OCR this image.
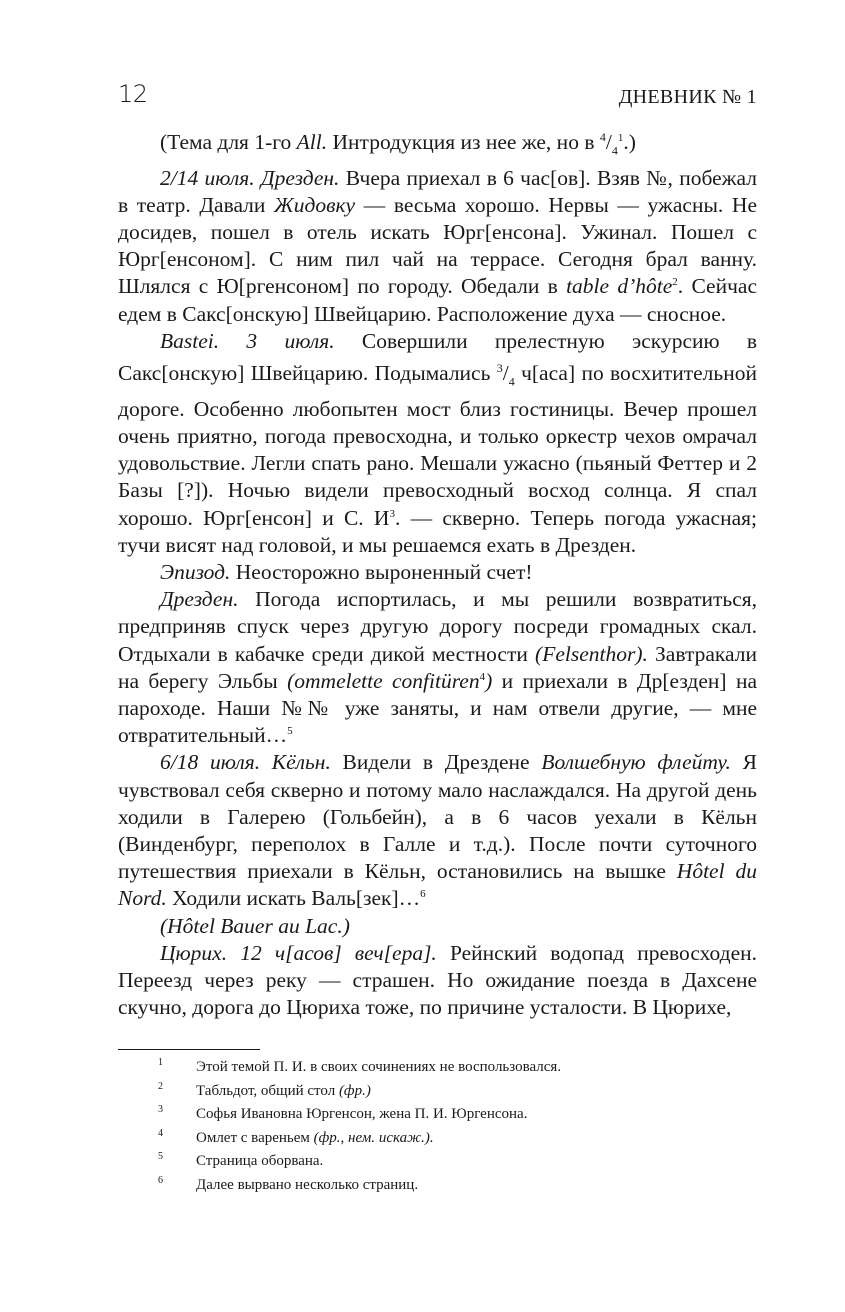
12	ДНЕВНИК № 1

(Тема для 1-го All. Интродукция из нее же, но в $^4/_4^1$.)

2/14 июля. Дрезден. Вчера приехал в 6 час[ов]. Взяв №, побежал в театр. Давали Жидовку — весьма хорошо. Нервы — ужасны. Не досидев, пошел в отель искать Юрг[енсона]. Ужинал. Пошел с Юрг[енсоном]. С ним пил чай на террасе. Сегодня брал ванну. Шлялся с Ю[ргенсоном] по городу. Обедали в table d’hôte$^2$. Сейчас едем в Сакс[онскую] Швейцарию. Расположение духа — сносное.

Bastei. 3 июля. Совершили прелестную эскурсию в Сакс[онскую] Швейцарию. Подымались $^3/_4$ ч[аса] по восхитительной дороге. Особенно любопытен мост близ гостиницы. Вечер прошел очень приятно, погода превосходна, и только оркестр чехов омрачал удовольствие. Легли спать рано. Мешали ужасно (пьяный Феттер и 2 Базы [?]). Ночью видели превосходный восход солнца. Я спал хорошо. Юрг[енсон] и С. И$^3$. — скверно. Теперь погода ужасная; тучи висят над головой, и мы решаемся ехать в Дрезден.

Эпизод. Неосторожно выроненный счет!

Дрезден. Погода испортилась, и мы решили возвратиться, предприняв спуск через другую дорогу посреди громадных скал. Отдыхали в кабачке среди дикой местности (Felsenthor). Завтракали на берегу Эльбы (ommelette confitüren$^4$) и приехали в Др[езден] на пароходе. Наши №№ уже заняты, и нам отвели другие, — мне отвратительный…$^5$

6/18 июля. Кёльн. Видели в Дрездене Волшебную флейту. Я чувствовал себя скверно и потому мало наслаждался. На другой день ходили в Галерею (Гольбейн), а в 6 часов уехали в Кёльн (Винденбург, переполох в Галле и т.д.). После почти суточного путешествия приехали в Кёльн, остановились на вышке Hôtel du Nord. Ходили искать Валь[зек]…$^6$

(Hôtel Bauer au Lac.)

Цюрих. 12 ч[асов] веч[ера]. Рейнский водопад превосходен. Переезд через реку — страшен. Но ожидание поезда в Дахсене скучно, дорога до Цюриха тоже, по причине усталости. В Цюрихе,

1 Этой темой П. И. в своих сочинениях не воспользовался.
2 Табльдот, общий стол (фр.)
3 Софья Ивановна Юргенсон, жена П. И. Юргенсона.
4 Омлет с вареньем (фр., нем. искаж.).
5 Страница оборвана.
6 Далее вырвано несколько страниц.
